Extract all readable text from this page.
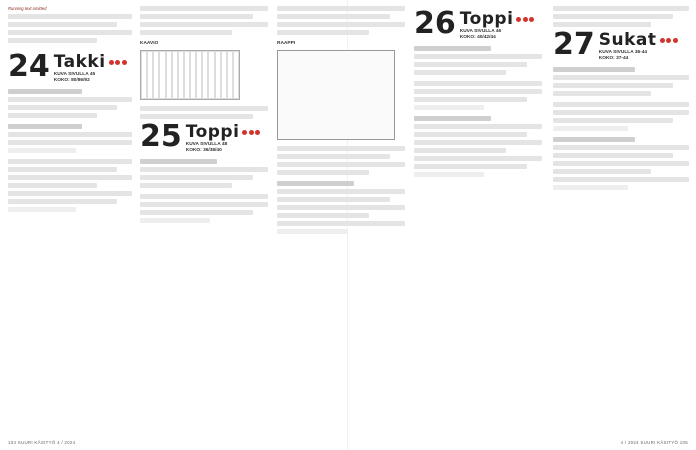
Running text omitted
24 Takki
KUVA SIVULLA 45
KOKO: 80/86/92
KAAVIO
25 Toppi
KUVA SIVULLA 48
KOKO: 36/38/40
RAAPPI
26 Toppi
KUVA SIVULLA 46
KOKO: 40/42/44	27 Sukat
KUVA SIVULLA 36-44
KOKO: 37-44
104 SUURI KÄSITYÖ 4 / 2024	4 / 2024 SUURI KÄSITYÖ 105
